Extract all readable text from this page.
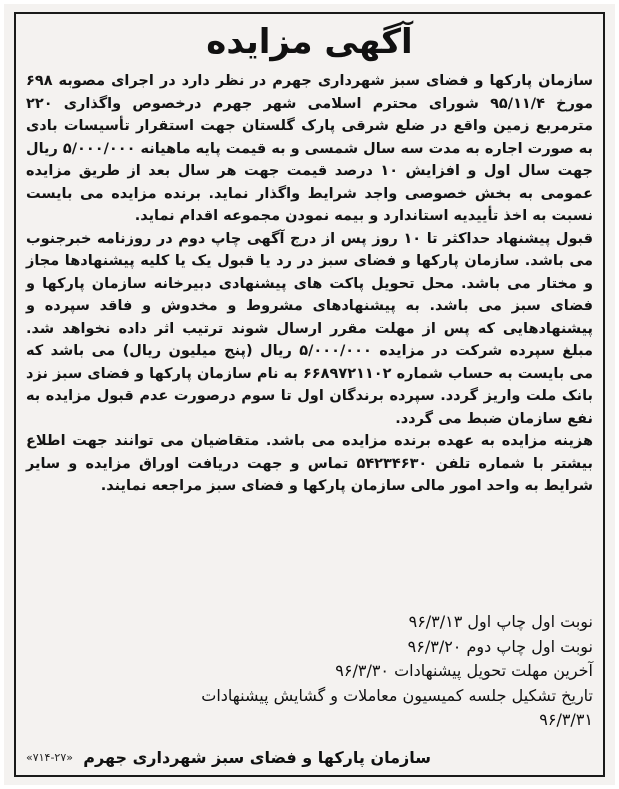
آگهی مزایده

سازمان پارکها و فضای سبز شهرداری جهرم در نظر دارد در اجرای مصوبه ۶۹۸ مورخ ۹۵/۱۱/۴ شورای محترم اسلامی شهر جهرم درخصوص واگذاری ۲۲۰ مترمربع زمین واقع در ضلع شرقی پارک گلستان جهت استقرار تأسیسات بادی به صورت اجاره به مدت سه سال شمسی و به قیمت پایه ماهیانه ۵/۰۰۰/۰۰۰ ریال جهت سال اول و افزایش ۱۰ درصد قیمت جهت هر سال بعد از طریق مزایده عمومی به بخش خصوصی واجد شرایط واگذار نماید. برنده مزایده می بایست نسبت به اخذ تأییدیه استاندارد و بیمه نمودن مجموعه اقدام نماید.

قبول پیشنهاد حداکثر تا ۱۰ روز پس از درج آگهی چاپ دوم در روزنامه خبرجنوب می باشد. سازمان پارکها و فضای سبز در رد یا قبول یک یا کلیه پیشنهادها مجاز و مختار می باشد. محل تحویل پاکت های پیشنهادی دبیرخانه سازمان پارکها و فضای سبز می باشد. به پیشنهادهای مشروط و مخدوش و فاقد سپرده و پیشنهادهایی که پس از مهلت مقرر ارسال شوند ترتیب اثر داده نخواهد شد. مبلغ سپرده شرکت در مزایده ۵/۰۰۰/۰۰۰ ریال (پنج میلیون ریال) می باشد که می بایست به حساب شماره ۶۶۸۹۷۲۱۱۰۲ به نام سازمان پارکها و فضای سبز نزد بانک ملت واریز گردد. سپرده برندگان اول تا سوم درصورت عدم قبول مزایده به نفع سازمان ضبط می گردد.

هزینه مزایده به عهده برنده مزایده می باشد. متقاضیان می توانند جهت اطلاع بیشتر با شماره تلفن ۵۴۲۳۴۶۳۰ تماس و جهت دریافت اوراق مزایده و سایر شرایط به واحد امور مالی سازمان پارکها و فضای سبز مراجعه نمایند.

نوبت اول چاپ اول ۹۶/۳/۱۳
نوبت اول چاپ دوم ۹۶/۳/۲۰
آخرین مهلت تحویل پیشنهادات ۹۶/۳/۳۰
تاریخ تشکیل جلسه کمیسیون معاملات و گشایش پیشنهادات
۹۶/۳/۳۱
سازمان پارکها و فضای سبز شهرداری جهرم
«۷۱۴-۲۷»
